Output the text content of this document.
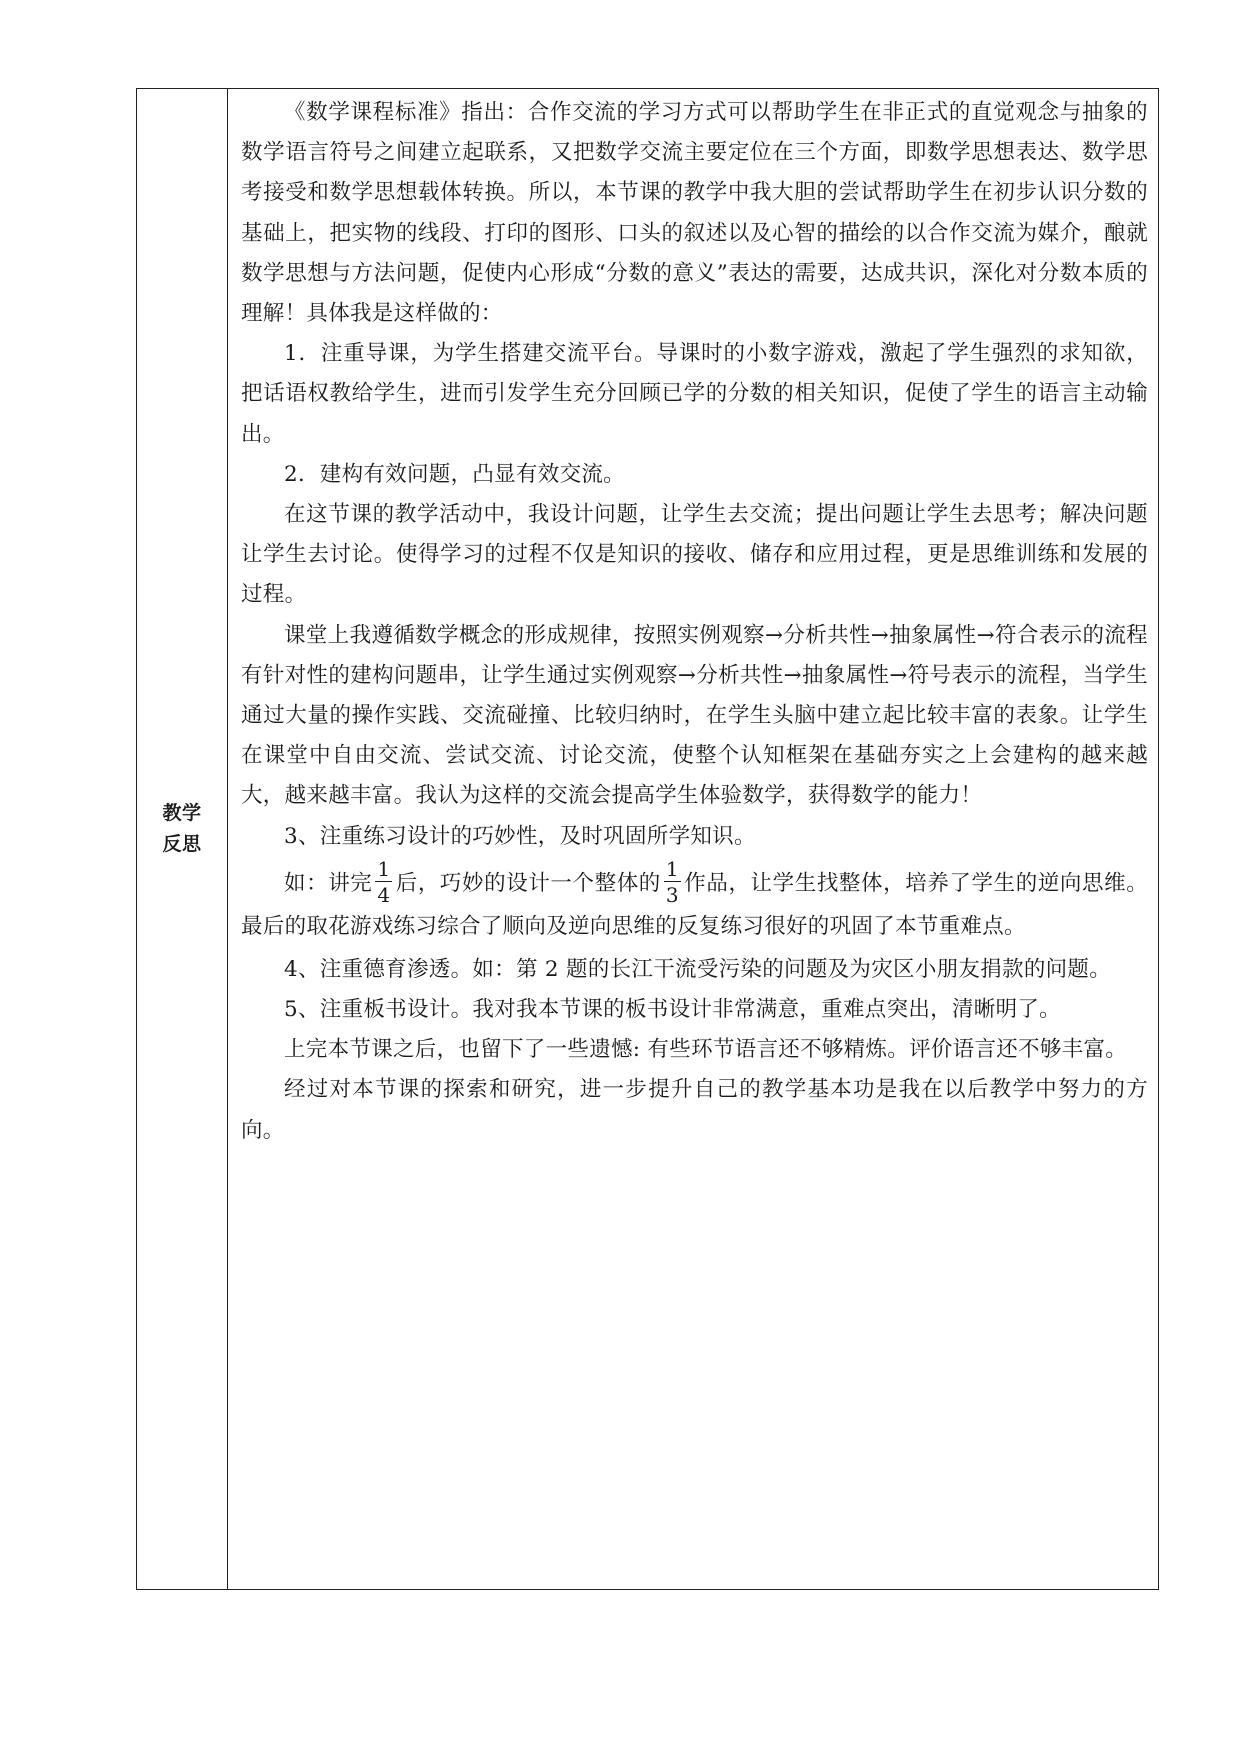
教学
反思

《数学课程标准》指出：合作交流的学习方式可以帮助学生在非正式的直觉观念与抽象的数学语言符号之间建立起联系，又把数学交流主要定位在三个方面，即数学思想表达、数学思考接受和数学思想载体转换。所以，本节课的教学中我大胆的尝试帮助学生在初步认识分数的基础上，把实物的线段、打印的图形、口头的叙述以及心智的描绘的以合作交流为媒介，酿就数学思想与方法问题，促使内心形成“分数的意义”表达的需要，达成共识，深化对分数本质的理解！具体我是这样做的：

1．注重导课，为学生搭建交流平台。导课时的小数字游戏，激起了学生强烈的求知欲，把话语权教给学生，进而引发学生充分回顾已学的分数的相关知识，促使了学生的语言主动输出。

2．建构有效问题，凸显有效交流。

在这节课的教学活动中，我设计问题，让学生去交流；提出问题让学生去思考；解决问题让学生去讨论。使得学习的过程不仅是知识的接收、储存和应用过程，更是思维训练和发展的过程。

课堂上我遵循数学概念的形成规律，按照实例观察→分析共性→抽象属性→符合表示的流程有针对性的建构问题串，让学生通过实例观察→分析共性→抽象属性→符号表示的流程，当学生通过大量的操作实践、交流碰撞、比较归纳时，在学生头脑中建立起比较丰富的表象。让学生在课堂中自由交流、尝试交流、讨论交流，使整个认知框架在基础夯实之上会建构的越来越大，越来越丰富。我认为这样的交流会提高学生体验数学，获得数学的能力！

3、注重练习设计的巧妙性，及时巩固所学知识。

如：讲完 $\frac{1}{4}$ 后，巧妙的设计一个整体的 $\frac{1}{3}$ 作品，让学生找整体，培养了学生的逆向思维。最后的取花游戏练习综合了顺向及逆向思维的反复练习很好的巩固了本节重难点。

4、注重德育渗透。如：第 2 题的长江干流受污染的问题及为灾区小朋友捐款的问题。

5、注重板书设计。我对我本节课的板书设计非常满意，重难点突出，清晰明了。

上完本节课之后，也留下了一些遗憾: 有些环节语言还不够精炼。评价语言还不够丰富。

经过对本节课的探索和研究，进一步提升自己的教学基本功是我在以后教学中努力的方向。
